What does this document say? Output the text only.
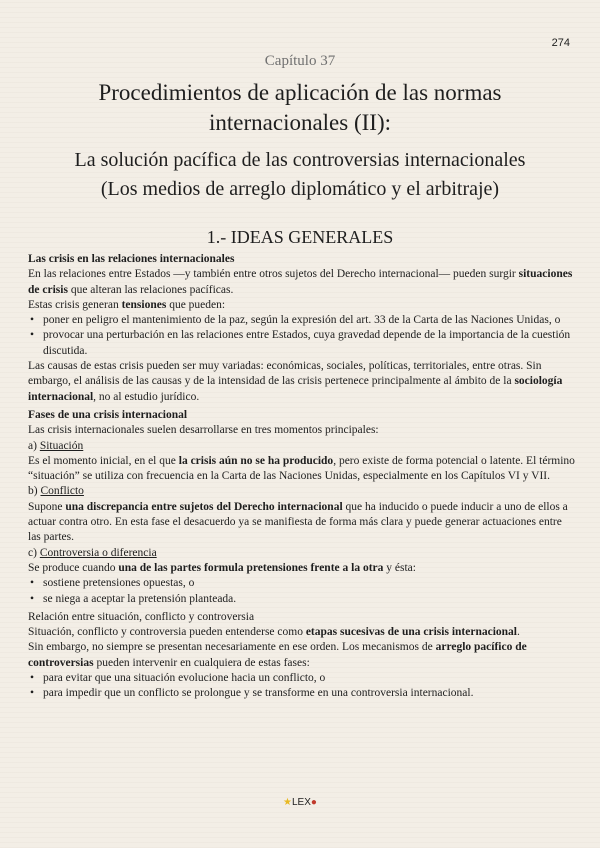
274
Capítulo 37
Procedimientos de aplicación de las normas
internacionales (II):
La solución pacífica de las controversias internacionales
(Los medios de arreglo diplomático y el arbitraje)
1.- IDEAS GENERALES

Las crisis en las relaciones internacionales

En las relaciones entre Estados —y también entre otros sujetos del Derecho internacional— pueden surgir situaciones de crisis que alteran las relaciones pacíficas.

Estas crisis generan tensiones que pueden:

• poner en peligro el mantenimiento de la paz, según la expresión del art. 33 de la Carta de las Naciones Unidas, o
• provocar una perturbación en las relaciones entre Estados, cuya gravedad depende de la importancia de la cuestión discutida.

Las causas de estas crisis pueden ser muy variadas: económicas, sociales, políticas, territoriales, entre otras. Sin embargo, el análisis de las causas y de la intensidad de las crisis pertenece principalmente al ámbito de la sociología internacional, no al estudio jurídico.

Fases de una crisis internacional

Las crisis internacionales suelen desarrollarse en tres momentos principales:

a) Situación

Es el momento inicial, en el que la crisis aún no se ha producido, pero existe de forma potencial o latente. El término “situación” se utiliza con frecuencia en la Carta de las Naciones Unidas, especialmente en los Capítulos VI y VII.

b) Conflicto

Supone una discrepancia entre sujetos del Derecho internacional que ha inducido o puede inducir a uno de ellos a actuar contra otro. En esta fase el desacuerdo ya se manifiesta de forma más clara y puede generar actuaciones entre las partes.

c) Controversia o diferencia

Se produce cuando una de las partes formula pretensiones frente a la otra y ésta:

• sostiene pretensiones opuestas, o
• se niega a aceptar la pretensión planteada.

Relación entre situación, conflicto y controversia

Situación, conflicto y controversia pueden entenderse como etapas sucesivas de una crisis internacional.

Sin embargo, no siempre se presentan necesariamente en ese orden. Los mecanismos de arreglo pacífico de controversias pueden intervenir en cualquiera de estas fases:

• para evitar que una situación evolucione hacia un conflicto, o
• para impedir que un conflicto se prolongue y se transforme en una controversia internacional.
★LEX●
